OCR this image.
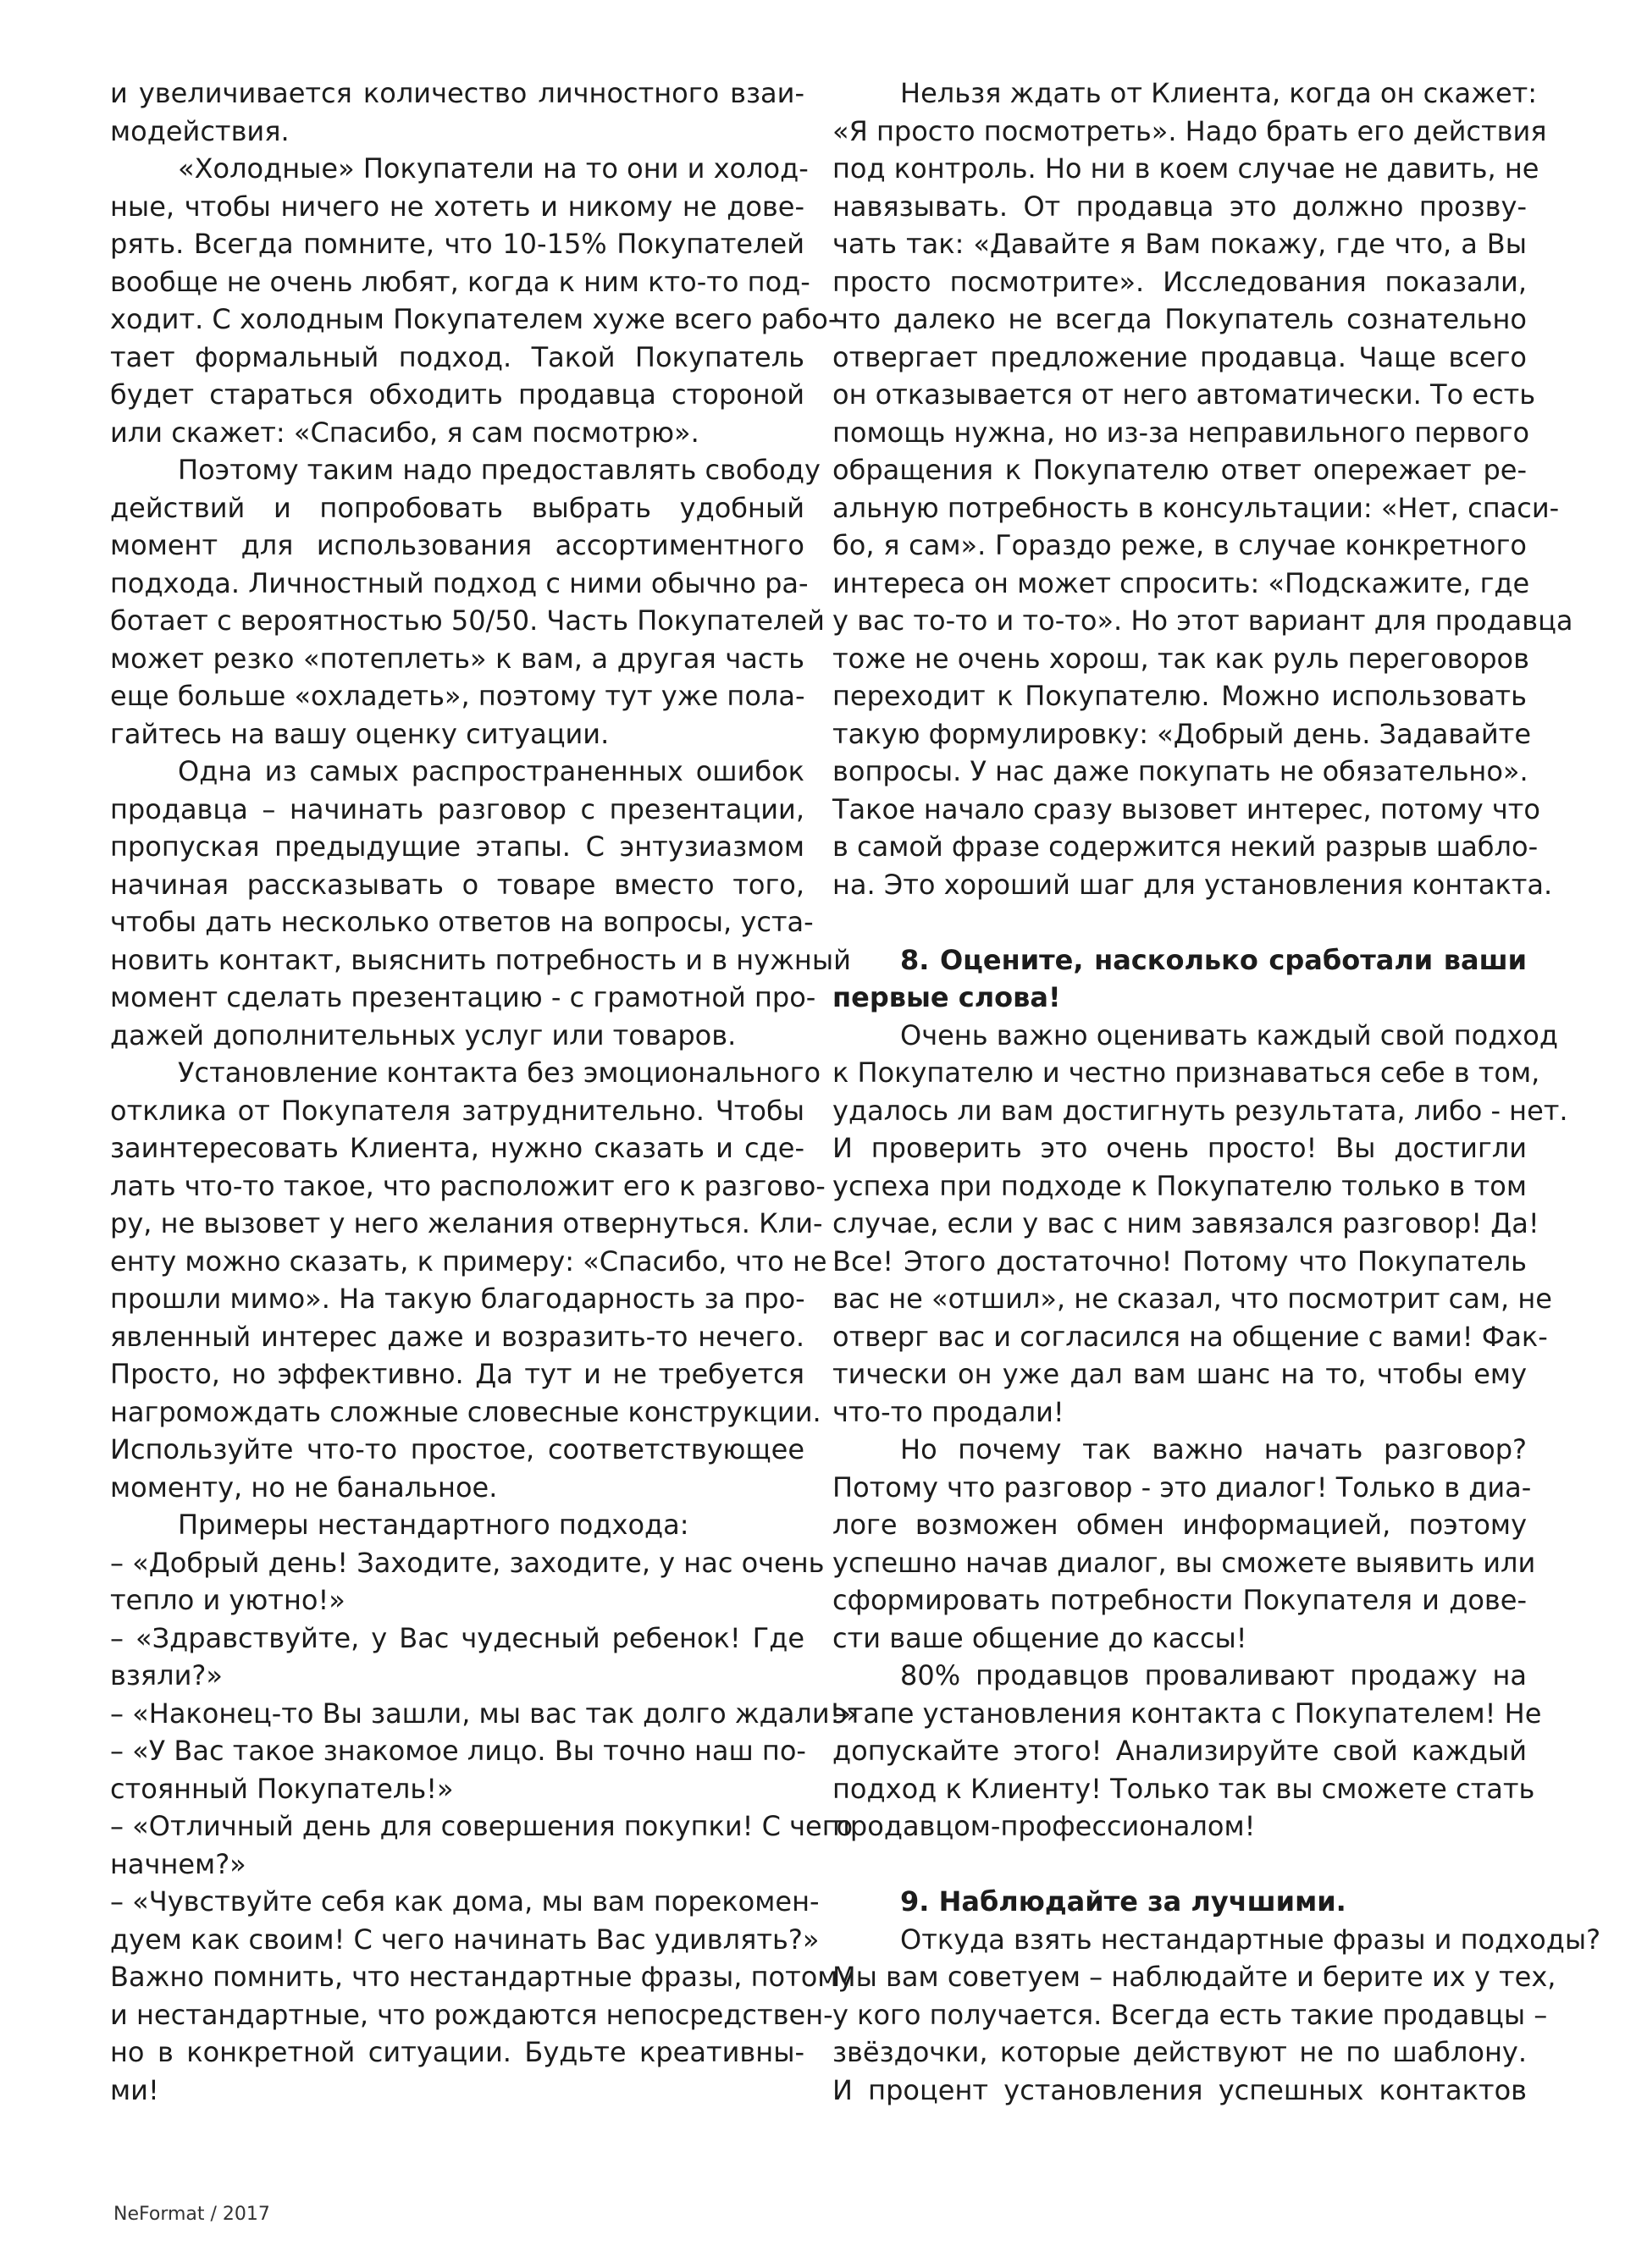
и увеличивается количество личностного взаи-
модействия.
«Холодные» Покупатели на то они и холод-
ные, чтобы ничего не хотеть и никому не дове-
рять. Всегда помните, что 10-15% Покупателей
вообще не очень любят, когда к ним кто-то под-
ходит. С холодным Покупателем хуже всего рабо-
тает формальный подход. Такой Покупатель
будет стараться обходить продавца стороной
или скажет: «Спасибо, я сам посмотрю».
Поэтому таким надо предоставлять свободу
действий и попробовать выбрать удобный
момент для использования ассортиментного
подхода. Личностный подход с ними обычно ра-
ботает с вероятностью 50/50. Часть Покупателей
может резко «потеплеть» к вам, а другая часть
еще больше «охладеть», поэтому тут уже пола-
гайтесь на вашу оценку ситуации.
Одна из самых распространенных ошибок
продавца – начинать разговор с презентации,
пропуская предыдущие этапы. С энтузиазмом
начиная рассказывать о товаре вместо того,
чтобы дать несколько ответов на вопросы, уста-
новить контакт, выяснить потребность и в нужный
момент сделать презентацию - с грамотной про-
дажей дополнительных услуг или товаров.
Установление контакта без эмоционального
отклика от Покупателя затруднительно. Чтобы
заинтересовать Клиента, нужно сказать и сде-
лать что-то такое, что расположит его к разгово-
ру, не вызовет у него желания отвернуться. Кли-
енту можно сказать, к примеру: «Спасибо, что не
прошли мимо». На такую благодарность за про-
явленный интерес даже и возразить-то нечего.
Просто, но эффективно. Да тут и не требуется
нагромождать сложные словесные конструкции.
Используйте что-то простое, соответствующее
моменту, но не банальное.
Примеры нестандартного подхода:
– «Добрый день! Заходите, заходите, у нас очень
тепло и уютно!»
– «Здравствуйте, у Вас чудесный ребенок! Где
взяли?»
– «Наконец-то Вы зашли, мы вас так долго ждали!»
– «У Вас такое знакомое лицо. Вы точно наш по-
стоянный Покупатель!»
– «Отличный день для совершения покупки! С чего
начнем?»
– «Чувствуйте себя как дома, мы вам порекомен-
дуем как своим! С чего начинать Вас удивлять?»
Важно помнить, что нестандартные фразы, потому
и нестандартные, что рождаются непосредствен-
но в конкретной ситуации. Будьте креативны-
ми!
Нельзя ждать от Клиента, когда он скажет:
«Я просто посмотреть». Надо брать его действия
под контроль. Но ни в коем случае не давить, не
навязывать. От продавца это должно прозву-
чать так: «Давайте я Вам покажу, где что, а Вы
просто посмотрите». Исследования показали,
что далеко не всегда Покупатель сознательно
отвергает предложение продавца. Чаще всего
он отказывается от него автоматически. То есть
помощь нужна, но из-за неправильного первого
обращения к Покупателю ответ опережает ре-
альную потребность в консультации: «Нет, спаси-
бо, я сам». Гораздо реже, в случае конкретного
интереса он может спросить: «Подскажите, где
у вас то-то и то-то». Но этот вариант для продавца
тоже не очень хорош, так как руль переговоров
переходит к Покупателю. Можно использовать
такую формулировку: «Добрый день. Задавайте
вопросы. У нас даже покупать не обязательно».
Такое начало сразу вызовет интерес, потому что
в самой фразе содержится некий разрыв шабло-
на. Это хороший шаг для установления контакта.
8. Оцените, насколько сработали ваши
первые слова!
Очень важно оценивать каждый свой подход
к Покупателю и честно признаваться себе в том,
удалось ли вам достигнуть результата, либо - нет.
И проверить это очень просто! Вы достигли
успеха при подходе к Покупателю только в том
случае, если у вас с ним завязался разговор! Да!
Все! Этого достаточно! Потому что Покупатель
вас не «отшил», не сказал, что посмотрит сам, не
отверг вас и согласился на общение с вами! Фак-
тически он уже дал вам шанс на то, чтобы ему
что-то продали!
Но почему так важно начать разговор?
Потому что разговор - это диалог! Только в диа-
логе возможен обмен информацией, поэтому
успешно начав диалог, вы сможете выявить или
сформировать потребности Покупателя и дове-
сти ваше общение до кассы!
80% продавцов проваливают продажу на
этапе установления контакта с Покупателем! Не
допускайте этого! Анализируйте свой каждый
подход к Клиенту! Только так вы сможете стать
продавцом-профессионалом!
9. Наблюдайте за лучшими.
Откуда взять нестандартные фразы и подходы?
Мы вам советуем – наблюдайте и берите их у тех,
у кого получается. Всегда есть такие продавцы –
звёздочки, которые действуют не по шаблону.
И процент установления успешных контактов
NeFormat / 2017
